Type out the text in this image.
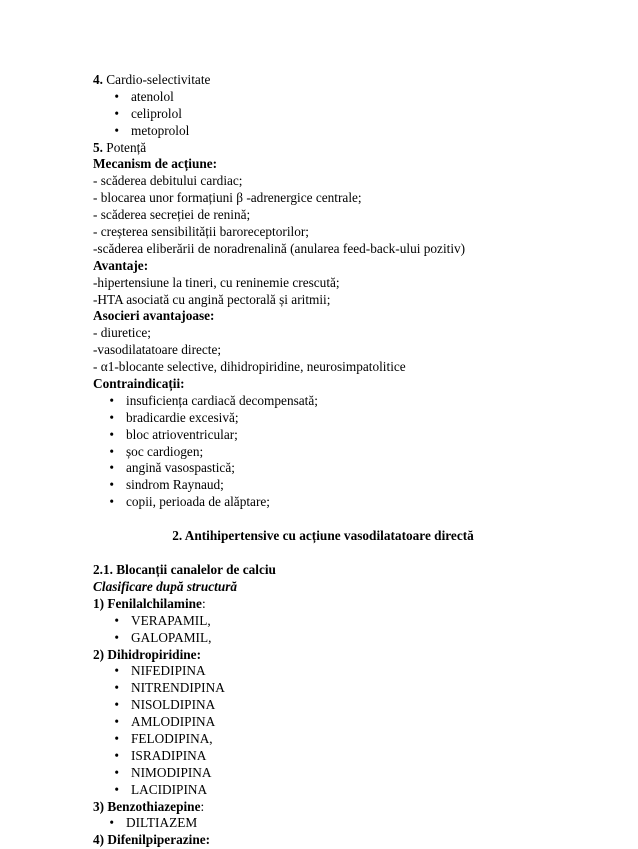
4. Cardio-selectivitate
• atenolol
• celiprolol
• metoprolol
5. Potență
Mecanism de acțiune:
- scăderea debitului cardiac;
- blocarea unor formațiuni β -adrenergice centrale;
- scăderea secreției de renină;
- creșterea sensibilității baroreceptorilor;
-scăderea eliberării de noradrenalină (anularea feed-back-ului pozitiv)
Avantaje:
-hipertensiune la tineri, cu reninemie crescută;
-HTA asociată cu angină pectorală și aritmii;
Asocieri avantajoase:
- diuretice;
-vasodilatatoare directe;
- α1-blocante selective, dihidropiridine, neurosimpatolitice
Contraindicații:
• insuficiența cardiacă decompensată;
• bradicardie excesivă;
• bloc atrioventricular;
• șoc cardiogen;
• angină vasospastică;
• sindrom Raynaud;
• copii, perioada de alăptare;
2. Antihipertensive cu acțiune vasodilatatoare directă
2.1. Blocanții canalelor de calciu
Clasificare după structură
1) Fenilalchilamine:
• VERAPAMIL,
• GALOPAMIL,
2) Dihidropiridine:
• NIFEDIPINA
• NITRENDIPINA
• NISOLDIPINA
• AMLODIPINA
• FELODIPINA,
• ISRADIPINA
• NIMODIPINA
• LACIDIPINA
3) Benzothiazepine:
• DILTIAZEM
4) Difenilpiperazine:
